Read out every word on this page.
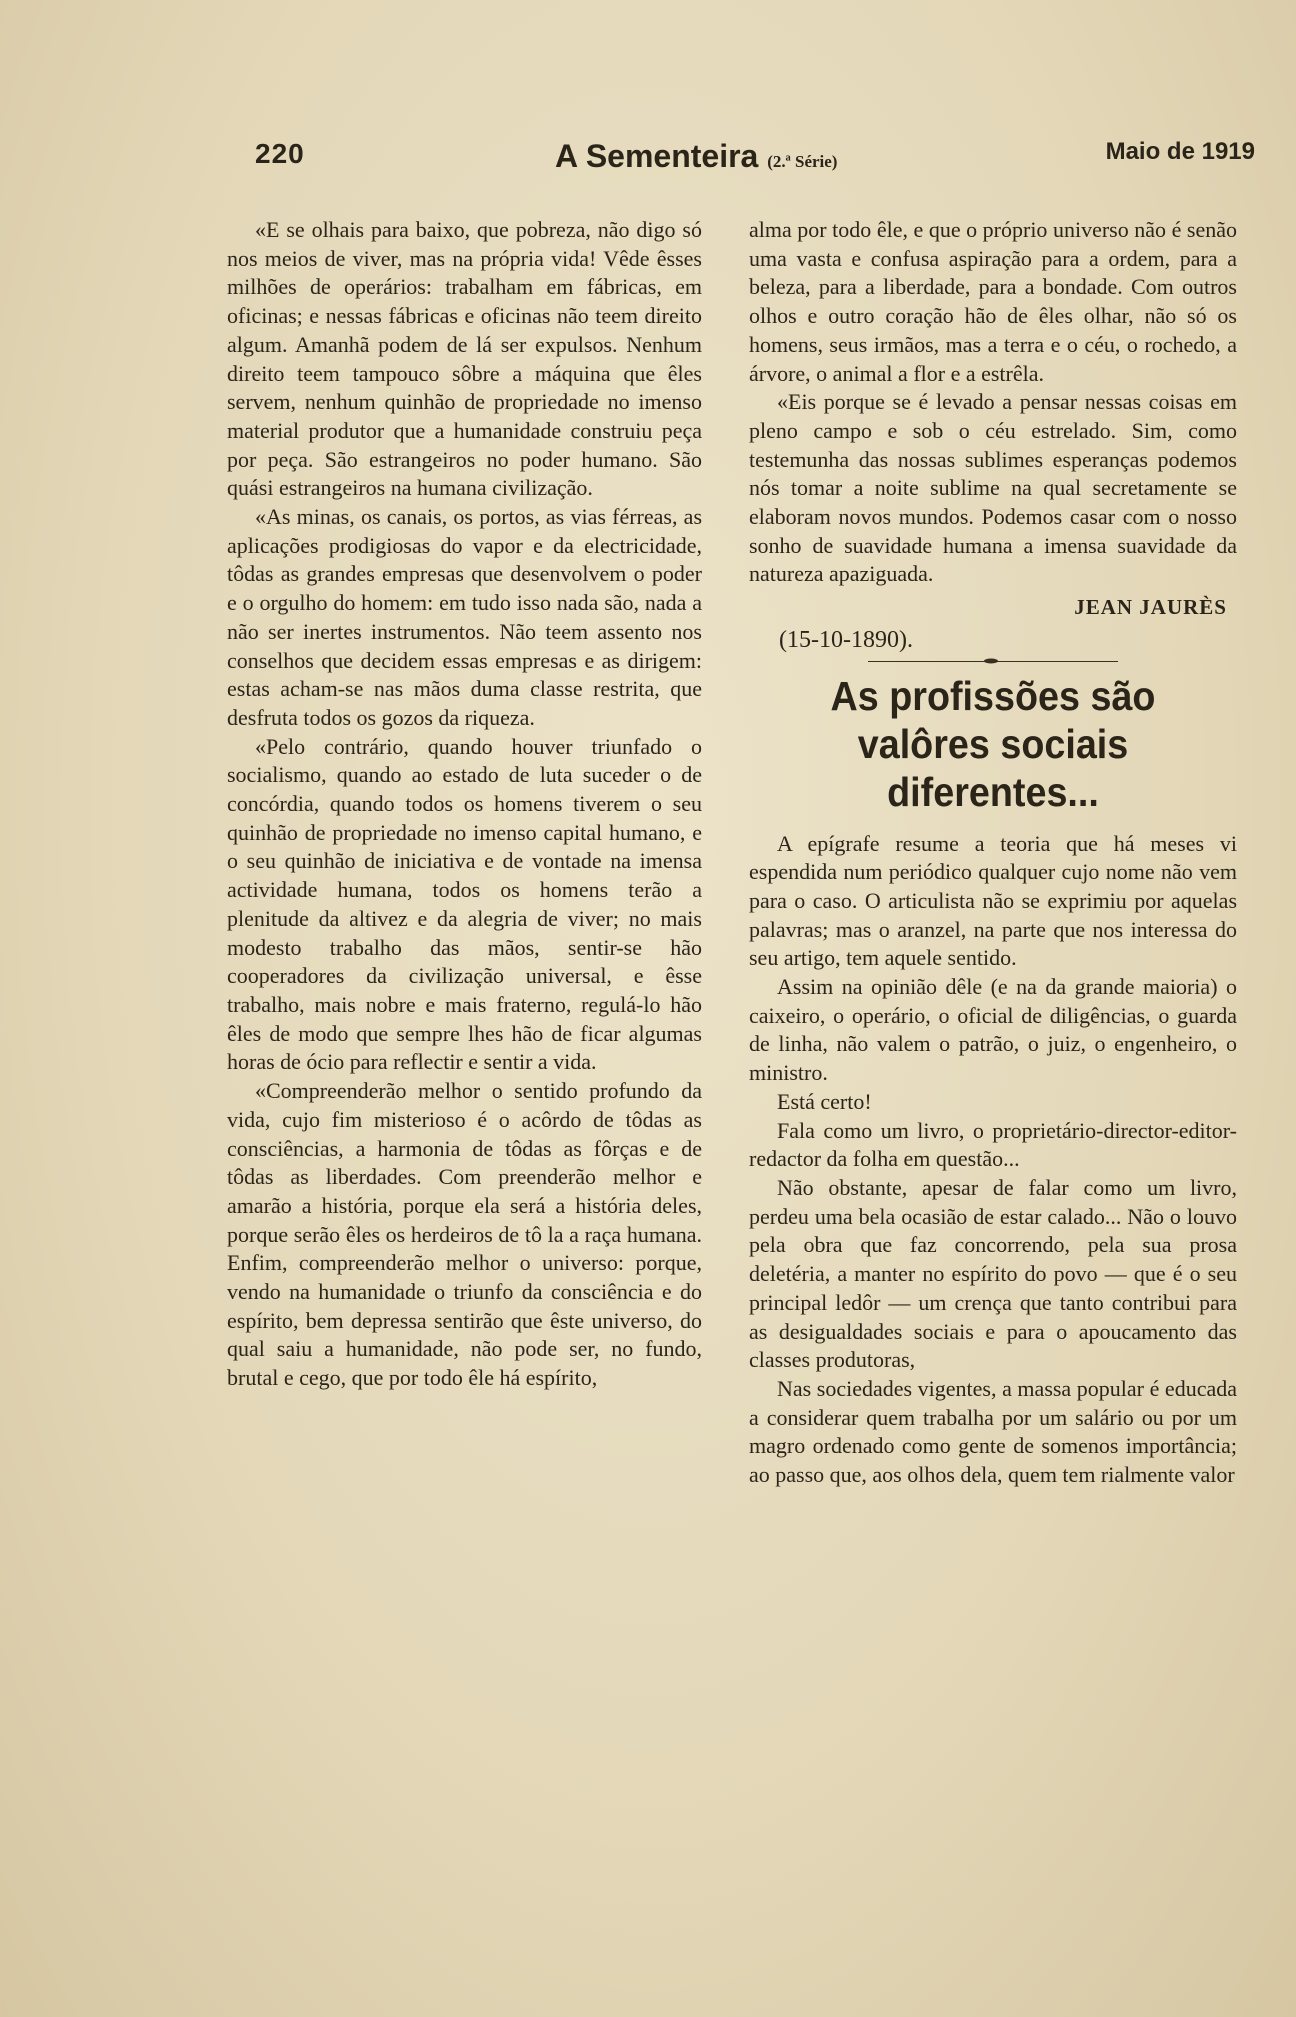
220	A Sementeira (2.ª Série)	Maio de 1919

«E se olhais para baixo, que pobreza, não digo só nos meios de viver, mas na própria vida! Vêde êsses milhões de operários: trabalham em fábricas, em oficinas; e nessas fábricas e oficinas não teem direito algum. Amanhã podem de lá ser expulsos. Nenhum direito teem tampouco sôbre a máquina que êles servem, nenhum quinhão de propriedade no imenso material produtor que a humanidade construiu peça por peça. São estrangeiros no poder humano. São quási estrangeiros na humana civilização.

«As minas, os canais, os portos, as vias férreas, as aplicações prodigiosas do vapor e da electricidade, tôdas as grandes empresas que desenvolvem o poder e o orgulho do homem: em tudo isso nada são, nada a não ser inertes instrumentos. Não teem assento nos conselhos que decidem essas empresas e as dirigem: estas acham-se nas mãos duma classe restrita, que desfruta todos os gozos da riqueza.

«Pelo contrário, quando houver triunfado o socialismo, quando ao estado de luta suceder o de concórdia, quando todos os homens tiverem o seu quinhão de propriedade no imenso capital humano, e o seu quinhão de iniciativa e de vontade na imensa actividade humana, todos os homens terão a plenitude da altivez e da alegria de viver; no mais modesto trabalho das mãos, sentir-se hão cooperadores da civilização universal, e êsse trabalho, mais nobre e mais fraterno, regulá-lo hão êles de modo que sempre lhes hão de ficar algumas horas de ócio para reflectir e sentir a vida.

«Compreenderão melhor o sentido profundo da vida, cujo fim misterioso é o acôrdo de tôdas as consciências, a harmonia de tôdas as fôrças e de tôdas as liberdades. Com preenderão melhor e amarão a história, porque ela será a história deles, porque serão êles os herdeiros de tô la a raça humana. Enfim, compreenderão melhor o universo: porque, vendo na humanidade o triunfo da consciência e do espírito, bem depressa sentirão que êste universo, do qual saiu a humanidade, não pode ser, no fundo, brutal e cego, que por todo êle há espírito,

alma por todo êle, e que o próprio universo não é senão uma vasta e confusa aspiração para a ordem, para a beleza, para a liberdade, para a bondade. Com outros olhos e outro coração hão de êles olhar, não só os homens, seus irmãos, mas a terra e o céu, o rochedo, a árvore, o animal a flor e a estrêla.

«Eis porque se é levado a pensar nessas coisas em pleno campo e sob o céu estrelado. Sim, como testemunha das nossas sublimes esperanças podemos nós tomar a noite sublime na qual secretamente se elaboram novos mundos. Podemos casar com o nosso sonho de suavidade humana a imensa suavidade da natureza apaziguada.

JEAN JAURÈS
(15-10-1890).
As profissões são valôres sociais diferentes...

A epígrafe resume a teoria que há meses vi espendida num periódico qualquer cujo nome não vem para o caso. O articulista não se exprimiu por aquelas palavras; mas o aranzel, na parte que nos interessa do seu artigo, tem aquele sentido.

Assim na opinião dêle (e na da grande maioria) o caixeiro, o operário, o oficial de diligências, o guarda de linha, não valem o patrão, o juiz, o engenheiro, o ministro.

Está certo!

Fala como um livro, o proprietário-director-editor-redactor da folha em questão...

Não obstante, apesar de falar como um livro, perdeu uma bela ocasião de estar calado... Não o louvo pela obra que faz concorrendo, pela sua prosa deletéria, a manter no espírito do povo — que é o seu principal ledôr — um crença que tanto contribui para as desigualdades sociais e para o apoucamento das classes produtoras,

Nas sociedades vigentes, a massa popular é educada a considerar quem trabalha por um salário ou por um magro ordenado como gente de somenos importância; ao passo que, aos olhos dela, quem tem rialmente valor
